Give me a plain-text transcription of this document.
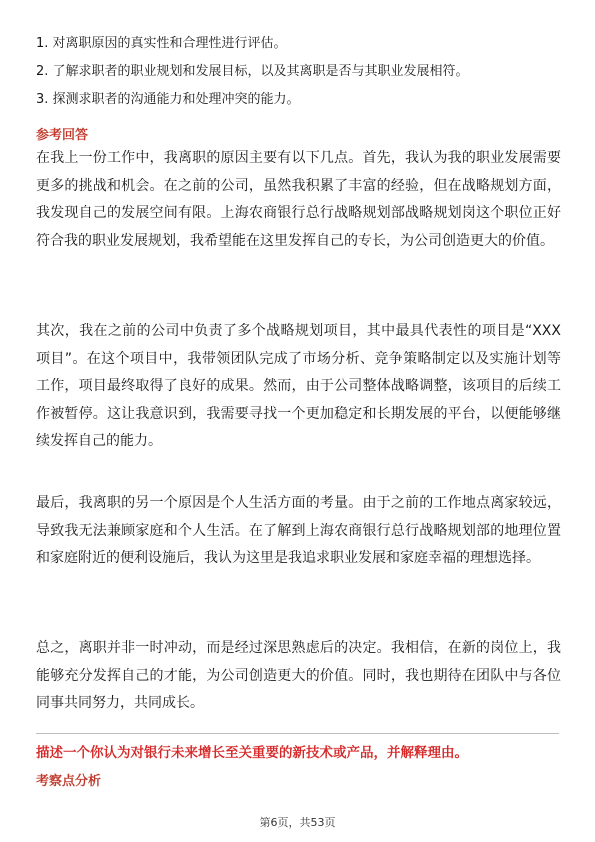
1. 对离职原因的真实性和合理性进行评估。
2. 了解求职者的职业规划和发展目标，以及其离职是否与其职业发展相符。
3. 探测求职者的沟通能力和处理冲突的能力。
参考回答
在我上一份工作中，我离职的原因主要有以下几点。首先，我认为我的职业发展需要更多的挑战和机会。在之前的公司，虽然我积累了丰富的经验，但在战略规划方面，我发现自己的发展空间有限。上海农商银行总行战略规划部战略规划岗这个职位正好符合我的职业发展规划，我希望能在这里发挥自己的专长，为公司创造更大的价值。
其次，我在之前的公司中负责了多个战略规划项目，其中最具代表性的项目是“XXX项目”。在这个项目中，我带领团队完成了市场分析、竞争策略制定以及实施计划等工作，项目最终取得了良好的成果。然而，由于公司整体战略调整，该项目的后续工作被暂停。这让我意识到，我需要寻找一个更加稳定和长期发展的平台，以便能够继续发挥自己的能力。
最后，我离职的另一个原因是个人生活方面的考量。由于之前的工作地点离家较远，导致我无法兼顾家庭和个人生活。在了解到上海农商银行总行战略规划部的地理位置和家庭附近的便利设施后，我认为这里是我追求职业发展和家庭幸福的理想选择。
总之，离职并非一时冲动，而是经过深思熟虑后的决定。我相信，在新的岗位上，我能够充分发挥自己的才能，为公司创造更大的价值。同时，我也期待在团队中与各位同事共同努力，共同成长。
描述一个你认为对银行未来增长至关重要的新技术或产品，并解释理由。
考察点分析
第6页，共53页
